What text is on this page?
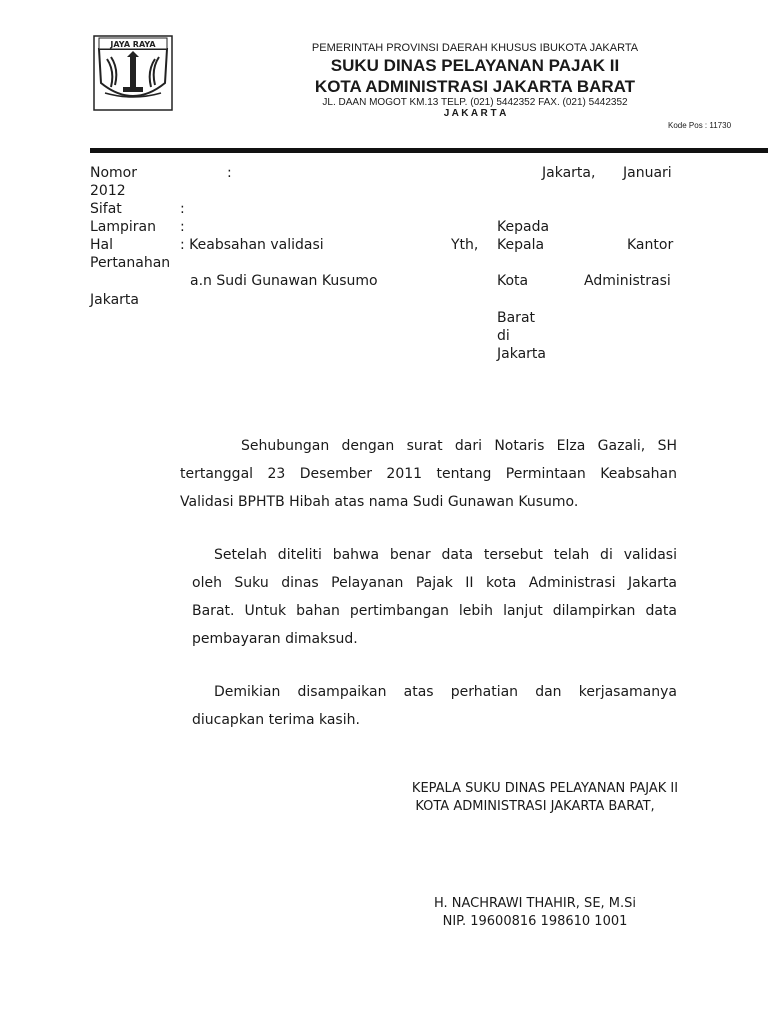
JAYA RAYA	PEMERINTAH PROVINSI DAERAH KHUSUS IBUKOTA JAKARTA
SUKU DINAS PELAYANAN PAJAK II
KOTA ADMINISTRASI JAKARTA BARAT
JL. DAAN MOGOT KM.13 TELP. (021) 5442352 FAX. (021) 5442352
J A K A R T A
Kode Pos : 11730
Nomor	:	Jakarta, Januari
2012
Sifat	:
Lampiran :
Hal	: Keabsahan validasi	Yth,
Pertanahan
a.n Sudi Gunawan Kusumo
Jakarta
Kepada
Kepala	Kantor
Kota	Administrasi
Barat
di
Jakarta
Sehubungan dengan surat dari Notaris Elza Gazali, SH
tertanggal 23 Desember 2011 tentang Permintaan Keabsahan
Validasi BPHTB Hibah atas nama Sudi Gunawan Kusumo.
Setelah diteliti bahwa benar data tersebut telah di validasi
oleh Suku dinas Pelayanan Pajak II kota Administrasi Jakarta
Barat. Untuk bahan pertimbangan lebih lanjut dilampirkan data
pembayaran dimaksud.
Demikian disampaikan atas perhatian dan kerjasamanya
diucapkan terima kasih.
KEPALA SUKU DINAS PELAYANAN PAJAK II
KOTA ADMINISTRASI JAKARTA BARAT,
H. NACHRAWI THAHIR, SE, M.Si
NIP. 19600816 198610 1001
